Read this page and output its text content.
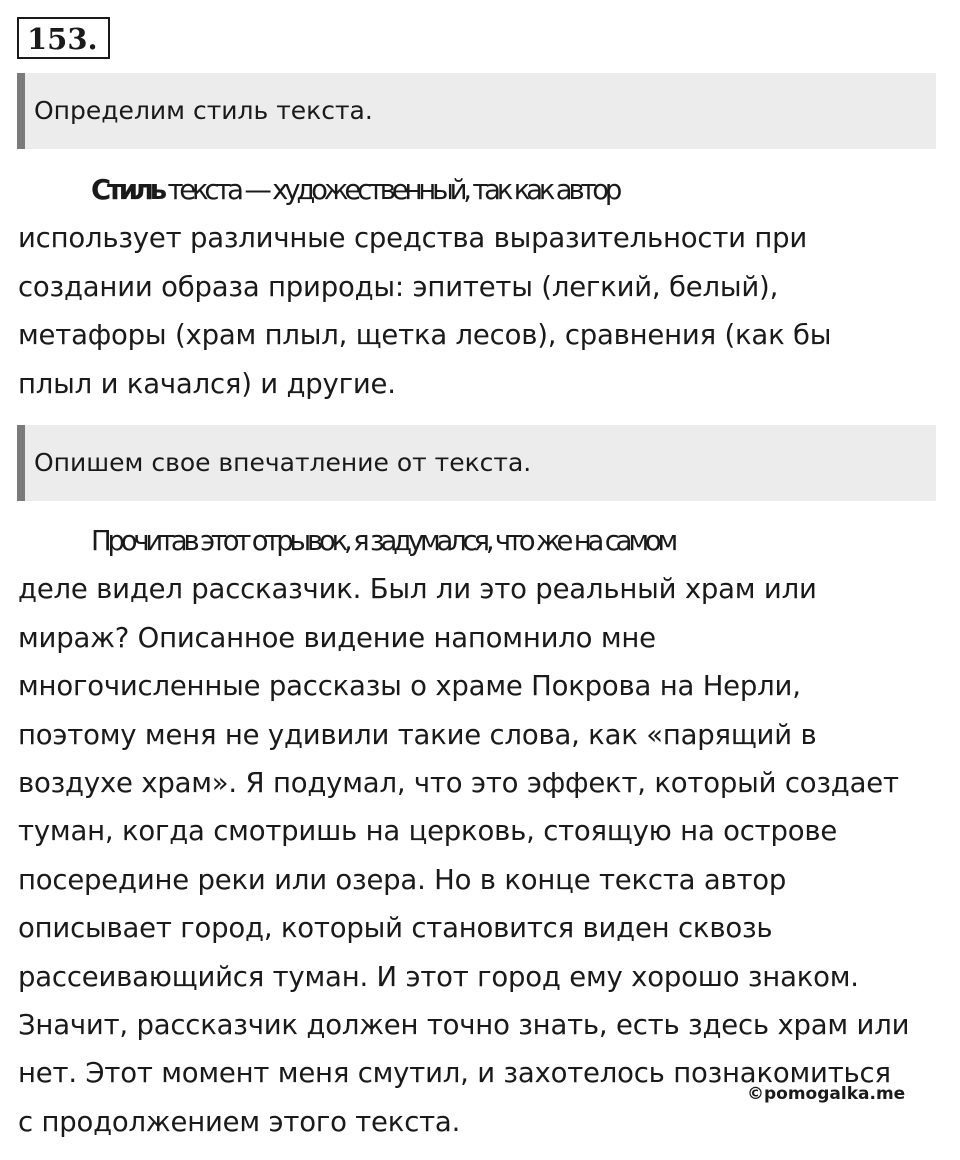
153.
Определим стиль текста.

Стиль текста — художественный, так как автор
использует различные средства выразительности при
создании образа природы: эпитеты (легкий, белый),
метафоры (храм плыл, щетка лесов), сравнения (как бы
плыл и качался) и другие.

Опишем свое впечатление от текста.

Прочитав этот отрывок, я задумался, что же на самом
деле видел рассказчик. Был ли это реальный храм или
мираж? Описанное видение напомнило мне
многочисленные рассказы о храме Покрова на Нерли,
поэтому меня не удивили такие слова, как «парящий в
воздухе храм». Я подумал, что это эффект, который создает
туман, когда смотришь на церковь, стоящую на острове
посередине реки или озера. Но в конце текста автор
описывает город, который становится виден сквозь
рассеивающийся туман. И этот город ему хорошо знаком.
Значит, рассказчик должен точно знать, есть здесь храм или
нет. Этот момент меня смутил, и захотелось познакомиться
с продолжением этого текста.

©pomogalka.me
